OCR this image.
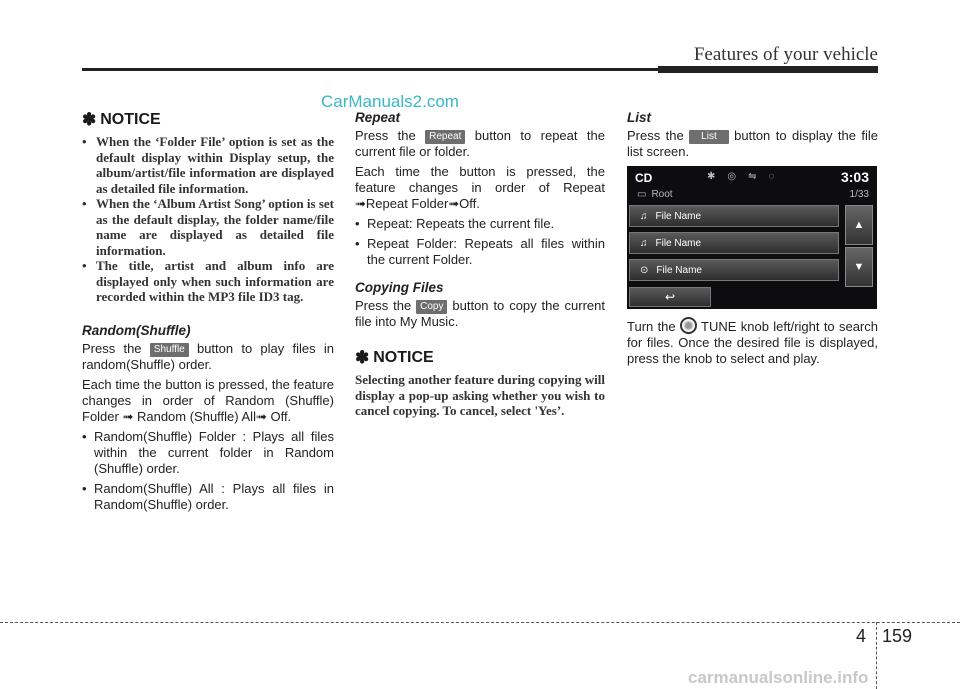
Features of your vehicle
CarManuals2.com
✽ NOTICE
• When the ‘Folder File’ option is set as the default display within Display setup, the album/artist/file information are displayed as detailed file information.
• When the ‘Album Artist Song’ option is set as the default display, the folder name/file name are displayed as detailed file information.
• The title, artist and album info are displayed only when such information are recorded within the MP3 file ID3 tag.
Random(Shuffle)

Press the Shuffle button to play files in random(Shuffle) order.

Each time the button is pressed, the feature changes in order of Random (Shuffle) Folder ➟ Random (Shuffle) All➟ Off.

• Random(Shuffle) Folder : Plays all files within the current folder in Random (Shuffle) order.
• Random(Shuffle) All : Plays all files in Random(Shuffle) order.
Repeat

Press the Repeat button to repeat the current file or folder.

Each time the button is pressed, the feature changes in order of Repeat ➟Repeat Folder➟Off.

• Repeat: Repeats the current file.
• Repeat Folder: Repeats all files within the current Folder.
Copying Files

Press the Copy button to copy the current file into My Music.

✽ NOTICE

Selecting another feature during copying will display a pop-up asking whether you wish to cancel copying. To cancel, select 'Yes’.

List

Press the List button to display the file list screen.

CD	✱ ◎ ⇋ ◌	3:03
▭ Root	1/33
♫ File Name
♫ File Name
⊙ File Name
▲
▼
↩

Turn the  TUNE knob left/right to search for files. Once the desired file is displayed, press the knob to select and play.

4 159
carmanualsonline.info
